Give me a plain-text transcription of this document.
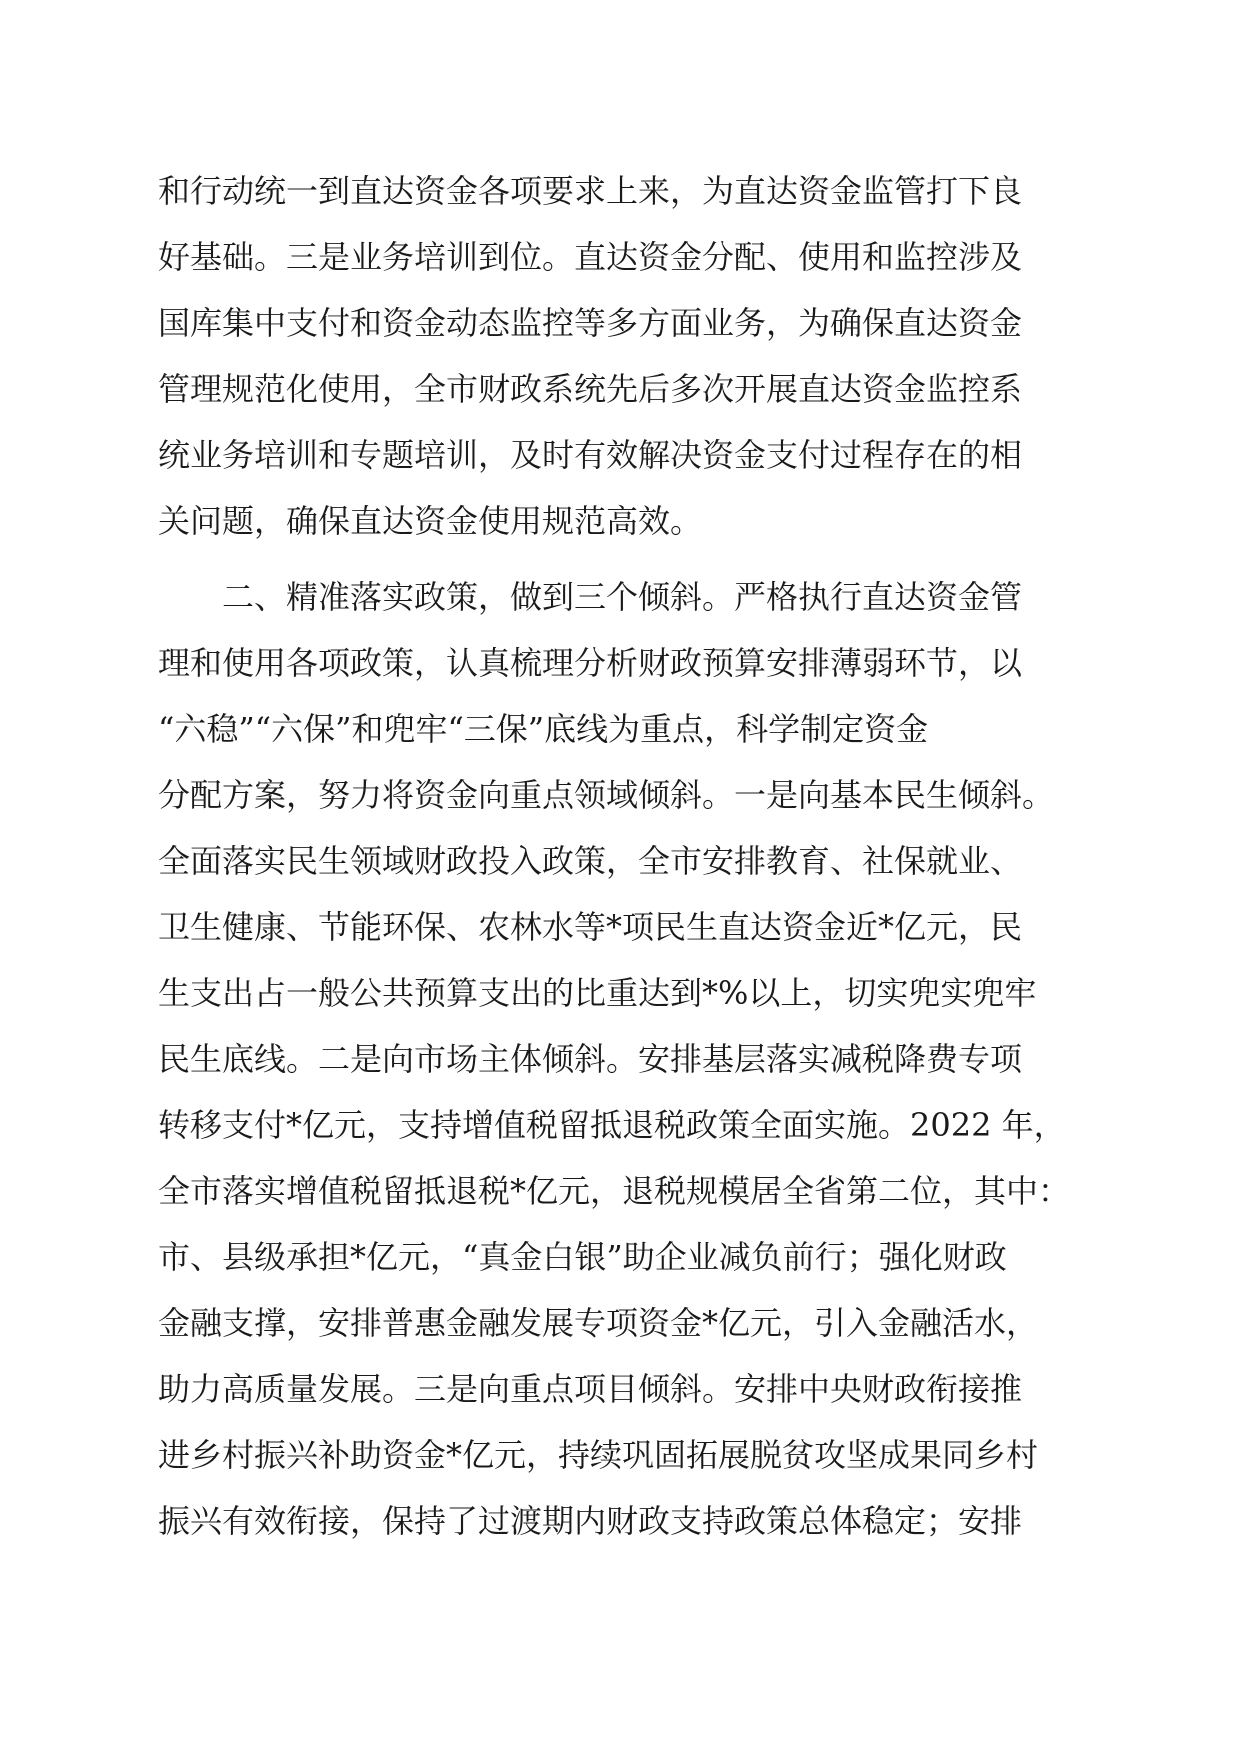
和行动统一到直达资金各项要求上来，为直达资金监管打下良
好基础。三是业务培训到位。直达资金分配、使用和监控涉及
国库集中支付和资金动态监控等多方面业务，为确保直达资金
管理规范化使用，全市财政系统先后多次开展直达资金监控系
统业务培训和专题培训，及时有效解决资金支付过程存在的相
关问题，确保直达资金使用规范高效。
二、精准落实政策，做到三个倾斜。严格执行直达资金管
理和使用各项政策，认真梳理分析财政预算安排薄弱环节，以
“六稳”“六保”和兜牢“三保”底线为重点，科学制定资金
分配方案，努力将资金向重点领域倾斜。一是向基本民生倾斜。
全面落实民生领域财政投入政策，全市安排教育、社保就业、
卫生健康、节能环保、农林水等*项民生直达资金近*亿元，民
生支出占一般公共预算支出的比重达到*%以上，切实兜实兜牢
民生底线。二是向市场主体倾斜。安排基层落实减税降费专项
转移支付*亿元，支持增值税留抵退税政策全面实施。2022 年，
全市落实增值税留抵退税*亿元，退税规模居全省第二位，其中：
市、县级承担*亿元，“真金白银”助企业减负前行；强化财政
金融支撑，安排普惠金融发展专项资金*亿元，引入金融活水，
助力高质量发展。三是向重点项目倾斜。安排中央财政衔接推
进乡村振兴补助资金*亿元，持续巩固拓展脱贫攻坚成果同乡村
振兴有效衔接，保持了过渡期内财政支持政策总体稳定；安排
